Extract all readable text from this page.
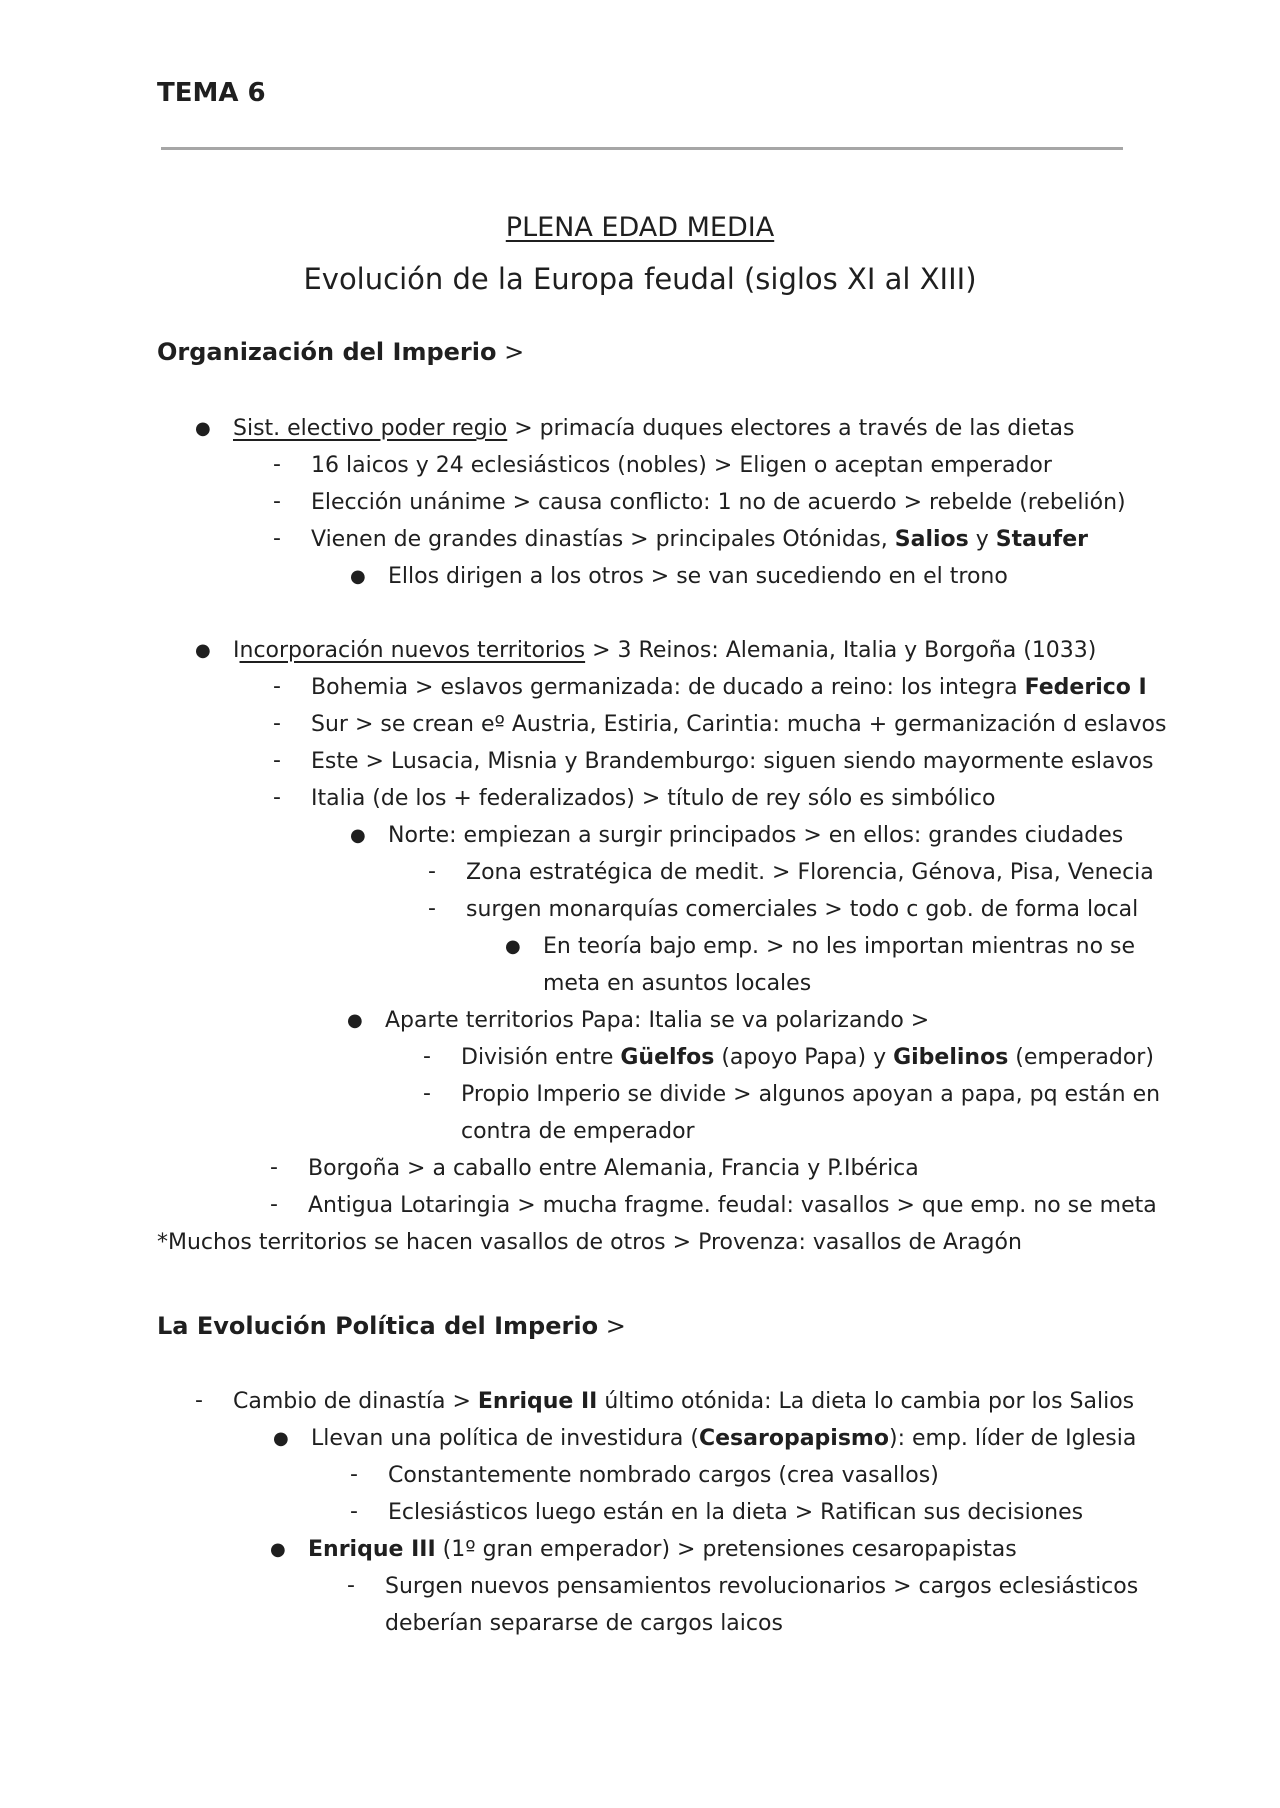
TEMA 6
PLENA EDAD MEDIA
Evolución de la Europa feudal (siglos XI al XIII)
Organización del Imperio >
● Sist. electivo poder regio > primacía duques electores a través de las dietas
- 16 laicos y 24 eclesiásticos (nobles) > Eligen o aceptan emperador
- Elección unánime > causa conflicto: 1 no de acuerdo > rebelde (rebelión)
- Vienen de grandes dinastías > principales Otónidas, Salios y Staufer
● Ellos dirigen a los otros > se van sucediendo en el trono
● Incorporación nuevos territorios > 3 Reinos: Alemania, Italia y Borgoña (1033)
- Bohemia > eslavos germanizada: de ducado a reino: los integra Federico I
- Sur > se crean eº Austria, Estiria, Carintia: mucha + germanización d eslavos
- Este > Lusacia, Misnia y Brandemburgo: siguen siendo mayormente eslavos
- Italia (de los + federalizados) > título de rey sólo es simbólico
● Norte: empiezan a surgir principados > en ellos: grandes ciudades
- Zona estratégica de medit. > Florencia, Génova, Pisa, Venecia
- surgen monarquías comerciales > todo c gob. de forma local
● En teoría bajo emp. > no les importan mientras no se
meta en asuntos locales
● Aparte territorios Papa: Italia se va polarizando >
- División entre Güelfos (apoyo Papa) y Gibelinos (emperador)
- Propio Imperio se divide > algunos apoyan a papa, pq están en
contra de emperador
- Borgoña > a caballo entre Alemania, Francia y P.Ibérica
- Antigua Lotaringia > mucha fragme. feudal: vasallos > que emp. no se meta
*Muchos territorios se hacen vasallos de otros > Provenza: vasallos de Aragón
La Evolución Política del Imperio >
- Cambio de dinastía > Enrique II último otónida: La dieta lo cambia por los Salios
● Llevan una política de investidura (Cesaropapismo): emp. líder de Iglesia
- Constantemente nombrado cargos (crea vasallos)
- Eclesiásticos luego están en la dieta > Ratifican sus decisiones
● Enrique III (1º gran emperador) > pretensiones cesaropapistas
- Surgen nuevos pensamientos revolucionarios > cargos eclesiásticos
deberían separarse de cargos laicos
